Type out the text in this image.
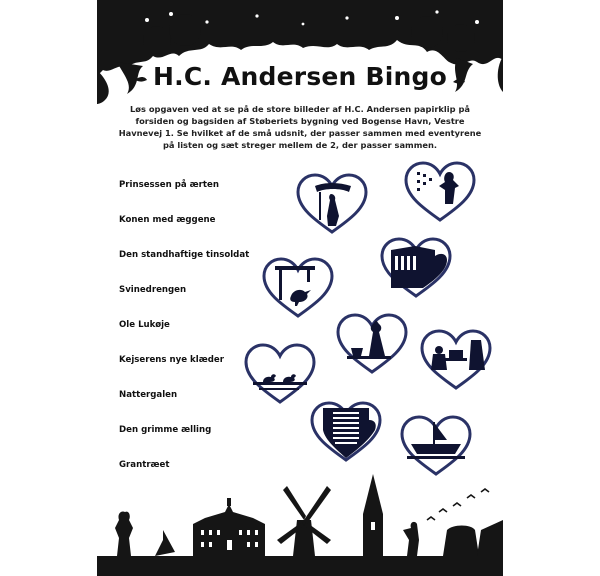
H.C. Andersen Bingo

Løs opgaven ved at se på de store billeder af H.C. Andersen papirklip på forsiden og bagsiden af Støberiets bygning ved Bogense Havn, Vestre Havnevej 1. Se hvilket af de små udsnit, der passer sammen med eventyrene på listen og sæt streger mellem de 2, der passer sammen.

Prinsessen på ærten
Konen med æggene
Den standhaftige tinsoldat
Svinedrengen
Ole Lukøje
Kejserens nye klæder
Nattergalen
Den grimme ælling
Grantræet
